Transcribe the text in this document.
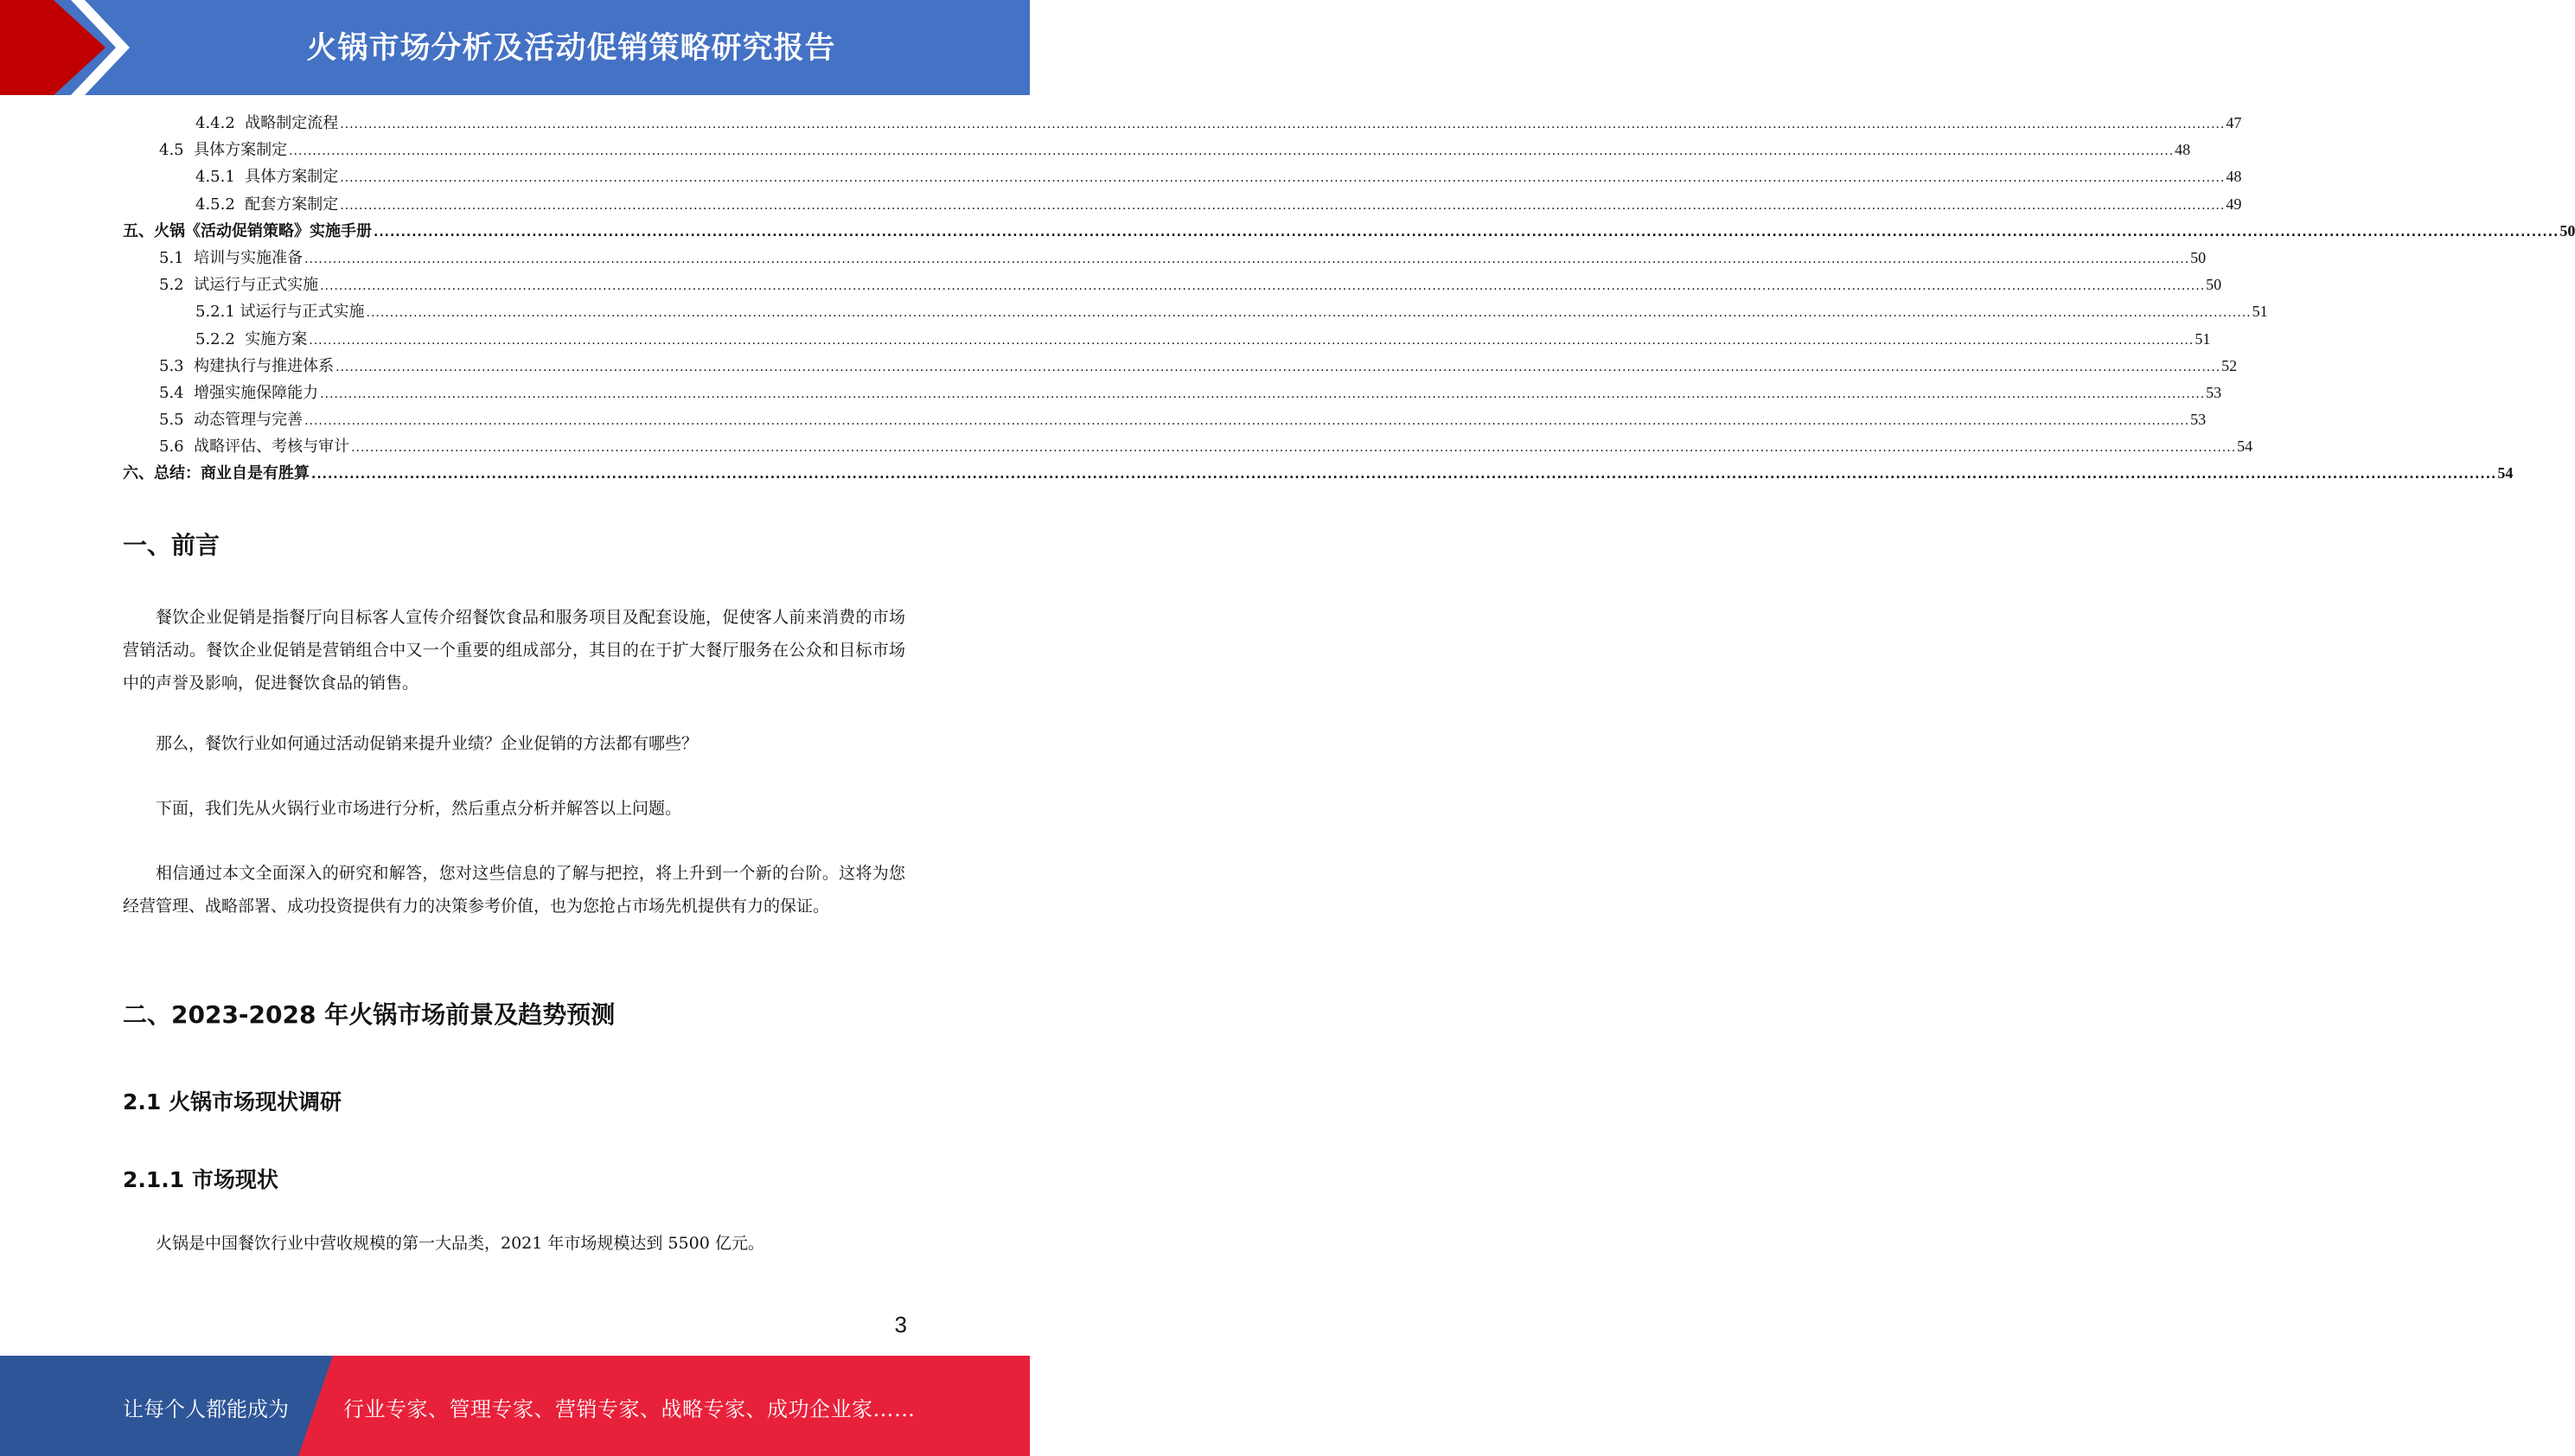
火锅市场分析及活动促销策略研究报告
4.4.2 战略制定流程 ................................................................................................................................................................................................................................................................................................................................................................................................................ 47
4.5 具体方案制定 ................................................................................................................................................................................................................................................................................................................................................................................................................ 48
4.5.1 具体方案制定 ................................................................................................................................................................................................................................................................................................................................................................................................................ 48
4.5.2 配套方案制定 ................................................................................................................................................................................................................................................................................................................................................................................................................ 49
五、火锅《活动促销策略》实施手册 ................................................................................................................................................................................................................................................................................................................................................................................................................ 50
5.1 培训与实施准备 ................................................................................................................................................................................................................................................................................................................................................................................................................ 50
5.2 试运行与正式实施 ................................................................................................................................................................................................................................................................................................................................................................................................................ 50
5.2.1 试运行与正式实施 ................................................................................................................................................................................................................................................................................................................................................................................................................ 51
5.2.2 实施方案 ................................................................................................................................................................................................................................................................................................................................................................................................................ 51
5.3 构建执行与推进体系 ................................................................................................................................................................................................................................................................................................................................................................................................................ 52
5.4 增强实施保障能力 ................................................................................................................................................................................................................................................................................................................................................................................................................ 53
5.5 动态管理与完善 ................................................................................................................................................................................................................................................................................................................................................................................................................ 53
5.6 战略评估、考核与审计 ................................................................................................................................................................................................................................................................................................................................................................................................................ 54
六、总结：商业自是有胜算 ................................................................................................................................................................................................................................................................................................................................................................................................................ 54
一、前言

餐饮企业促销是指餐厅向目标客人宣传介绍餐饮食品和服务项目及配套设施，促使客人前来消费的市场营销活动。餐饮企业促销是营销组合中又一个重要的组成部分，其目的在于扩大餐厅服务在公众和目标市场中的声誉及影响，促进餐饮食品的销售。

那么，餐饮行业如何通过活动促销来提升业绩？企业促销的方法都有哪些？

下面，我们先从火锅行业市场进行分析，然后重点分析并解答以上问题。

相信通过本文全面深入的研究和解答，您对这些信息的了解与把控，将上升到一个新的台阶。这将为您经营管理、战略部署、成功投资提供有力的决策参考价值，也为您抢占市场先机提供有力的保证。

二、2023-2028 年火锅市场前景及趋势预测
2.1 火锅市场现状调研
2.1.1 市场现状

火锅是中国餐饮行业中营收规模的第一大品类，2021 年市场规模达到 5500 亿元。

3
让每个人都能成为	行业专家、管理专家、营销专家、战略专家、成功企业家……
